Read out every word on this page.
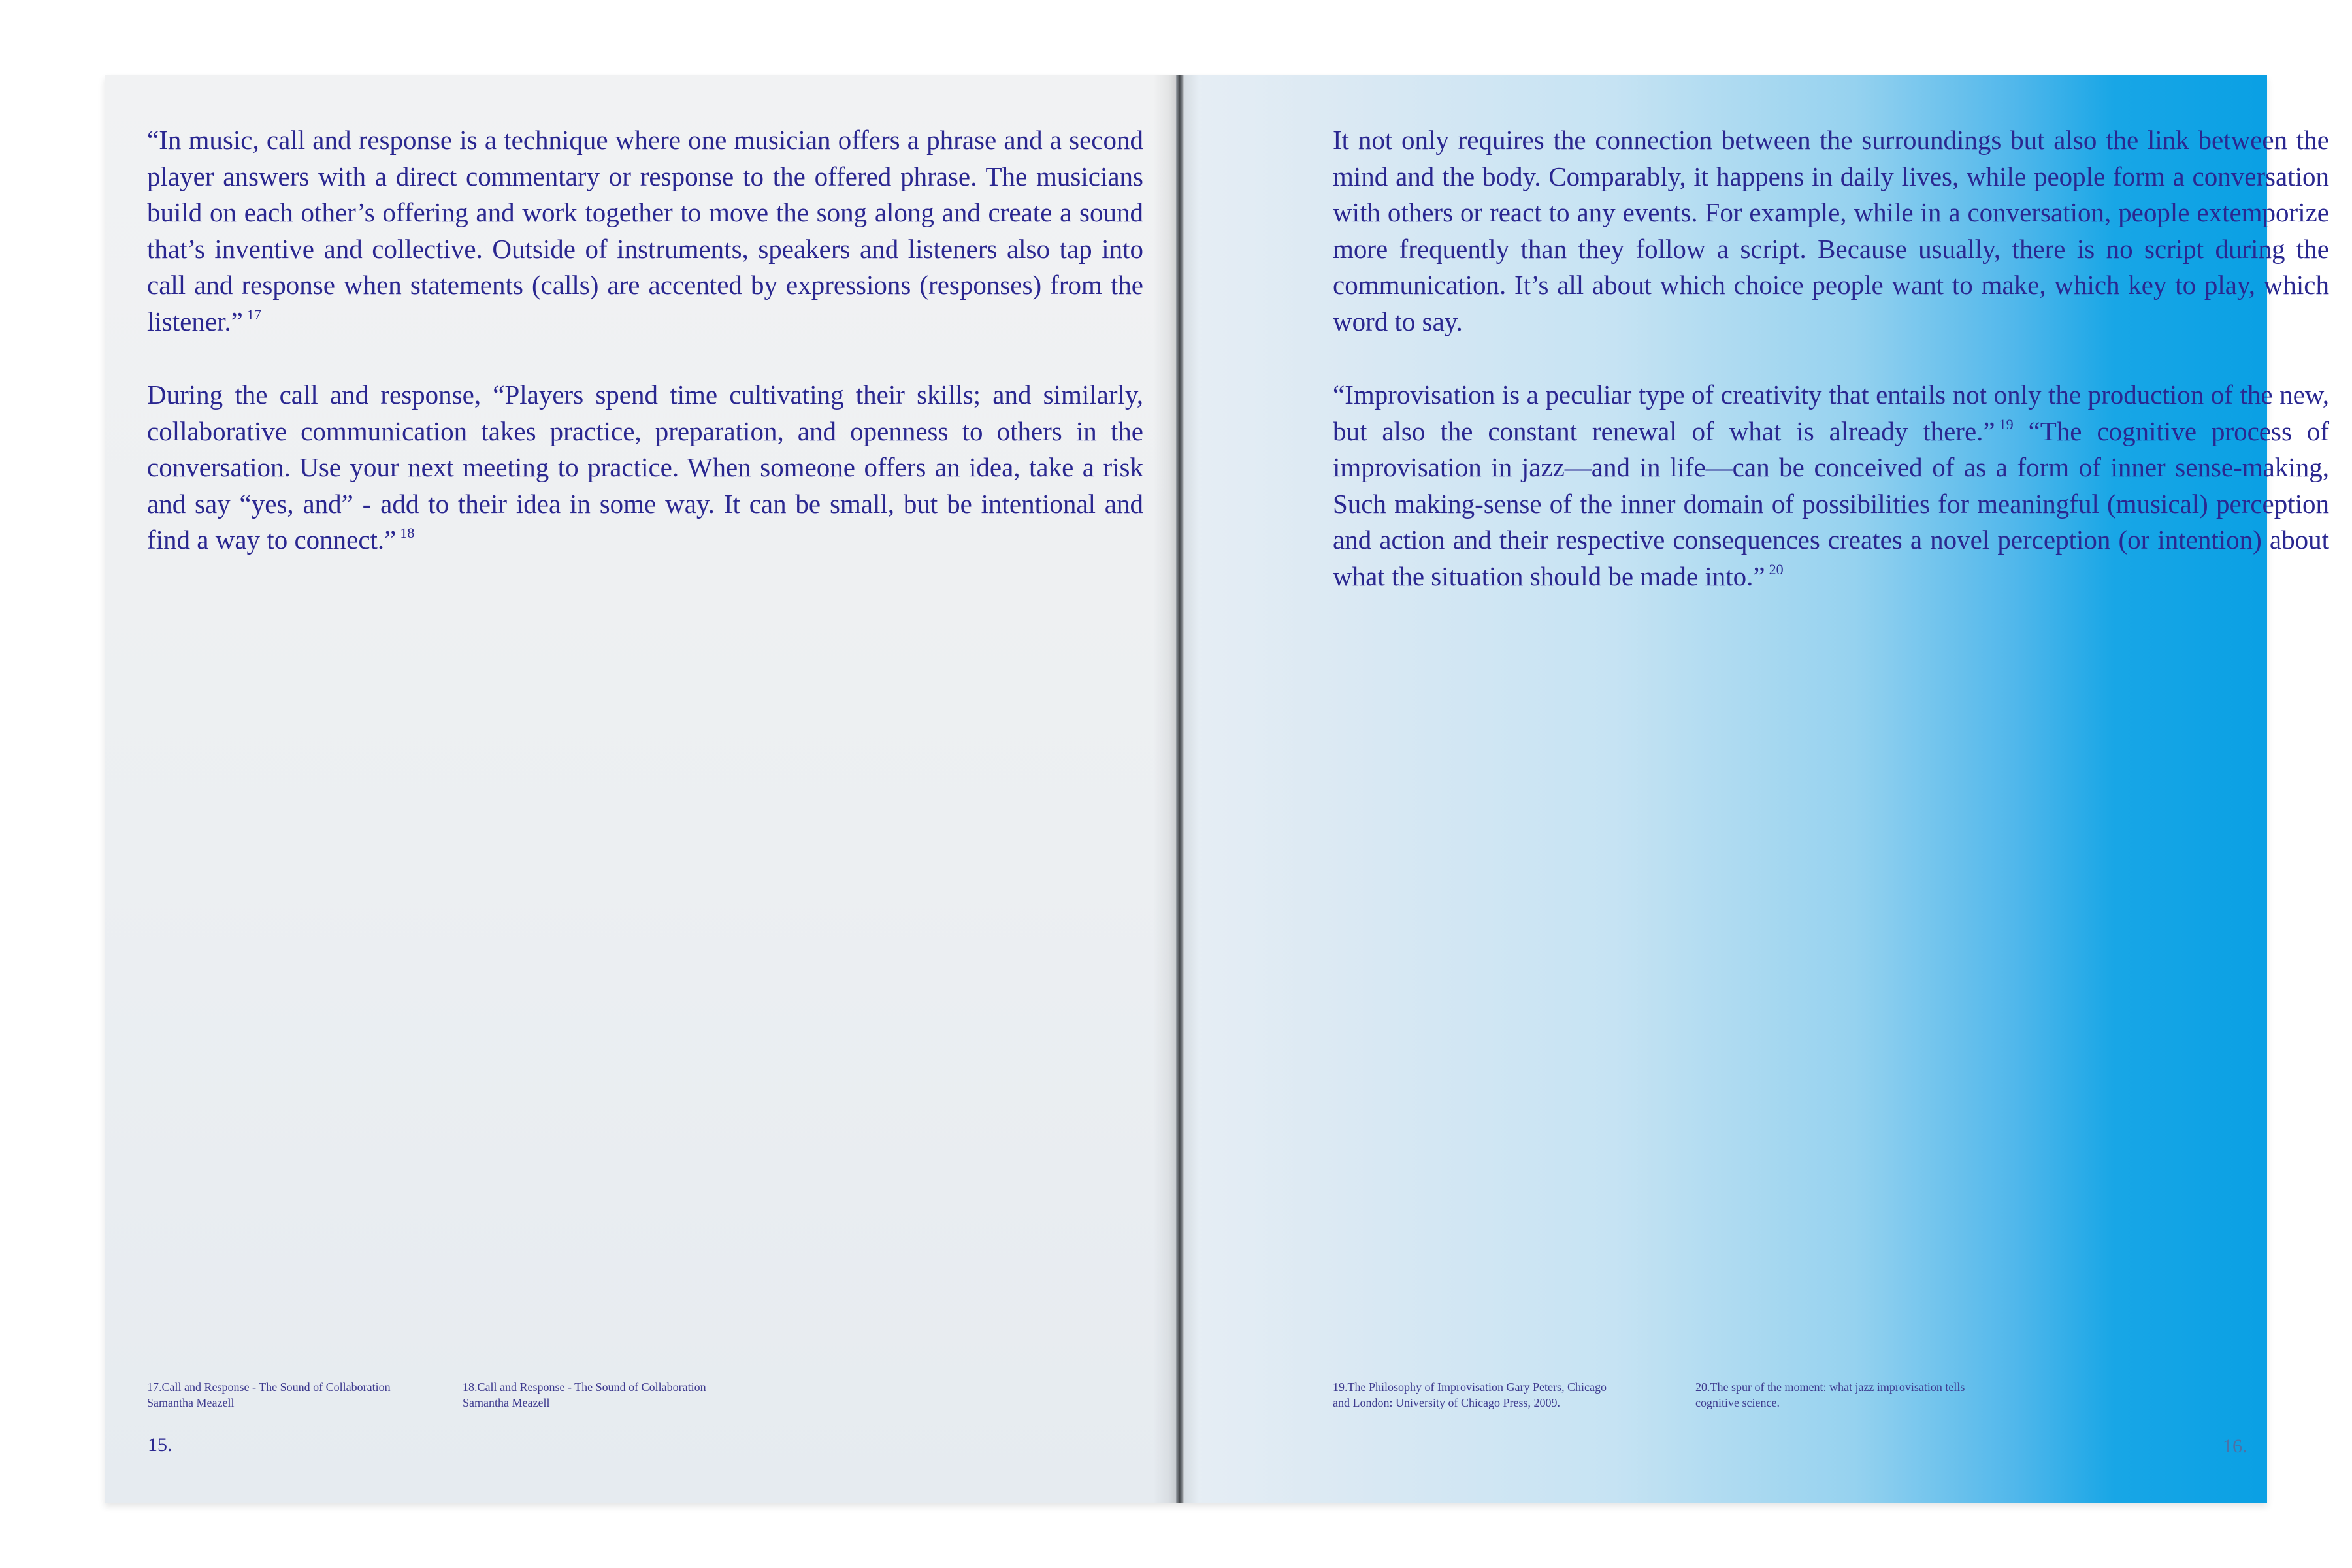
“In music, call and response is a technique where one musician offers a phrase and a second player answers with a direct commentary or response to the offered phrase. The musicians build on each other’s offering and work together to move the song along and create a sound that’s inventive and collective. Outside of instruments, speakers and listeners also tap into call and response when statements (calls) are accented by expressions (responses) from the listener.” $^{17}$

During the call and response, “Players spend time cultivating their skills; and similarly, collaborative communication takes practice, preparation, and openness to others in the conversation. Use your next meeting to practice. When someone offers an idea, take a risk and say “yes, and” - add to their idea in some way. It can be small, but be intentional and find a way to connect.” $^{18}$

17.Call and Response - The Sound of Collaboration Samantha Meazell

18.Call and Response - The Sound of Collaboration Samantha Meazell

15.

It not only requires the connection between the surroundings but also the link between the mind and the body. Comparably, it happens in daily lives, while people form a conversation with others or react to any events. For example, while in a conversation, people extemporize more frequently than they follow a script. Because usually, there is no script during the communication. It’s all about which choice people want to make, which key to play, which word to say.

“Improvisation is a peculiar type of creativity that entails not only the production of the new, but also the constant renewal of what is already there.” $^{19}$ “The cognitive process of improvisation in jazz—and in life—can be conceived of as a form of inner sense-making, Such making-sense of the inner domain of possibilities for meaningful (musical) perception and action and their respective consequences creates a novel perception (or intention) about what the situation should be made into.” $^{20}$

19.The Philosophy of Improvisation Gary Peters, Chicago and London: University of Chicago Press, 2009.

20.The spur of the moment: what jazz improvisation tells cognitive science.

16.
